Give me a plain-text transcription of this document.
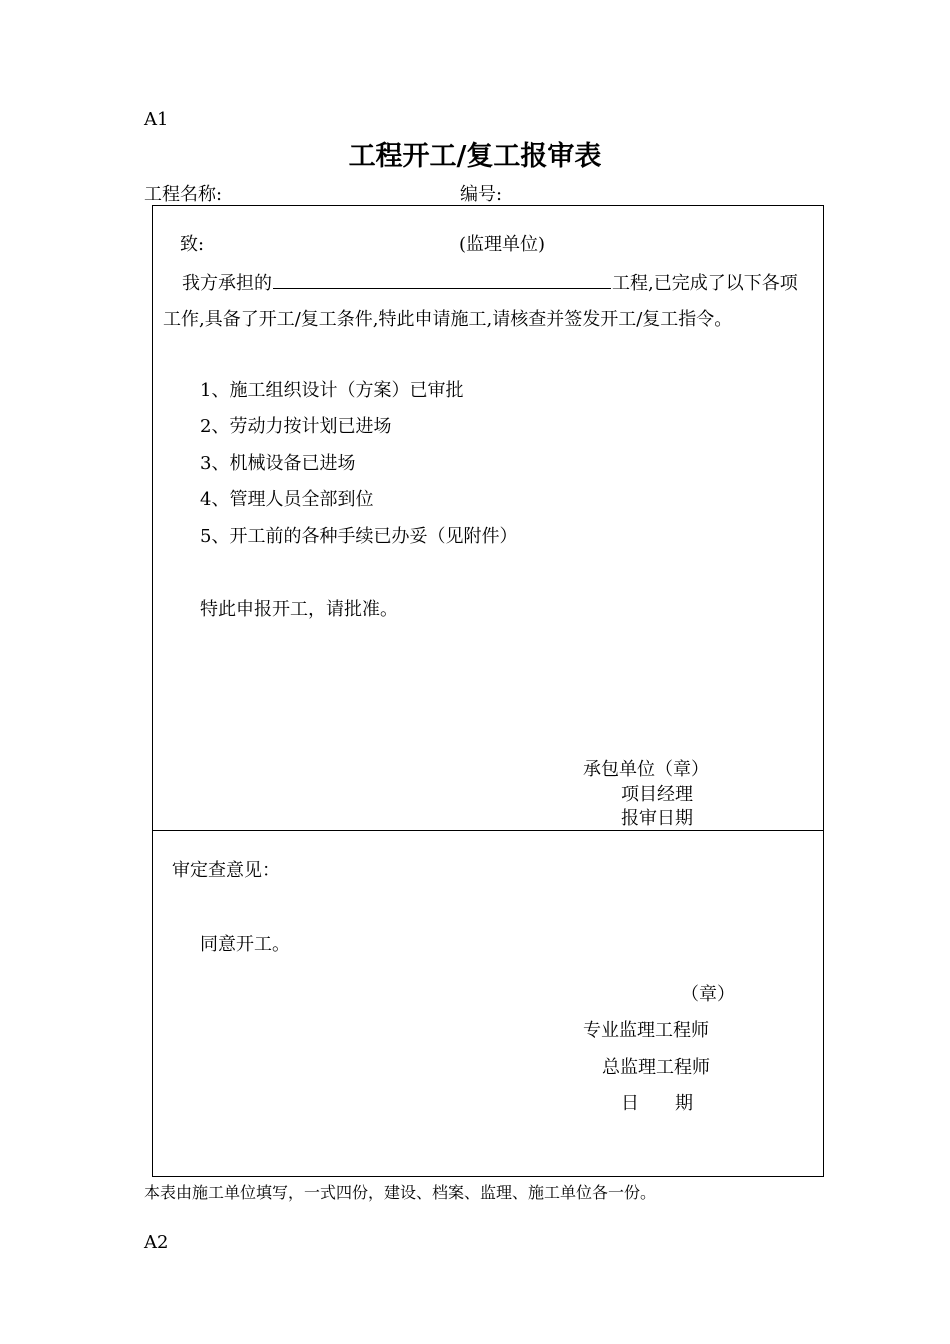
A1
工程开工/复工报审表
工程名称:	编号:
致:	(监理单位)
我方承担的	工程,已完成了以下各项
工作,具备了开工/复工条件,特此申请施工,请核查并签发开工/复工指令。
1、施工组织设计（方案）已审批
2、劳动力按计划已进场
3、机械设备已进场
4、管理人员全部到位
5、开工前的各种手续已办妥（见附件）
特此申报开工，请批准。
承包单位（章）
项目经理
报审日期
审定查意见：
同意开工。
（章）
专业监理工程师
总监理工程师
日　　期
本表由施工单位填写，一式四份，建设、档案、监理、施工单位各一份。
A2
